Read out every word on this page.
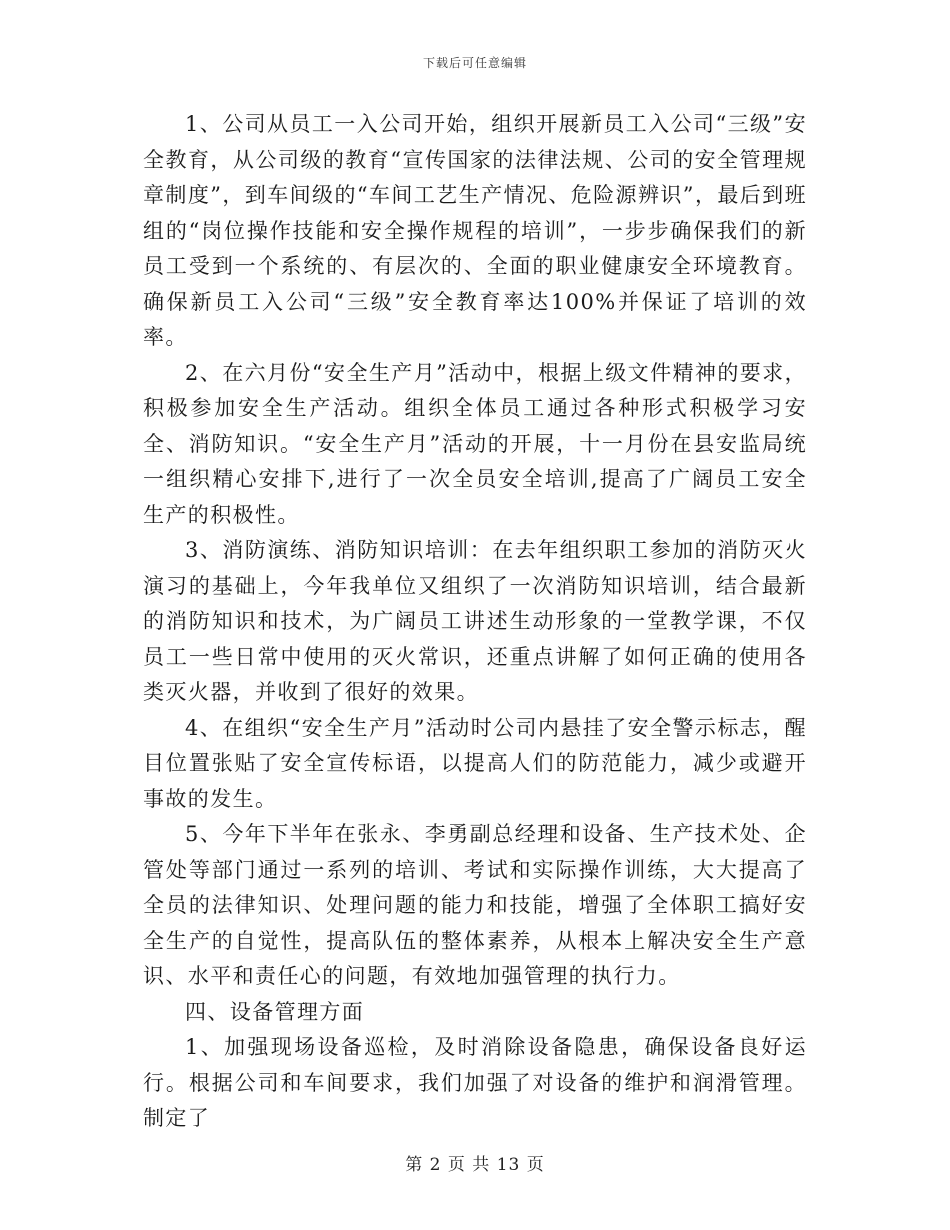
下载后可任意编辑

1、公司从员工一入公司开始，组织开展新员工入公司“三级”安全教育，从公司级的教育“宣传国家的法律法规、公司的安全管理规章制度”，到车间级的“车间工艺生产情况、危险源辨识”，最后到班组的“岗位操作技能和安全操作规程的培训”，一步步确保我们的新员工受到一个系统的、有层次的、全面的职业健康安全环境教育。确保新员工入公司“三级”安全教育率达100%并保证了培训的效率。

2、在六月份“安全生产月”活动中，根据上级文件精神的要求，积极参加安全生产活动。组织全体员工通过各种形式积极学习安全、消防知识。“安全生产月”活动的开展，十一月份在县安监局统一组织精心安排下,进行了一次全员安全培训,提高了广阔员工安全生产的积极性。

3、消防演练、消防知识培训：在去年组织职工参加的消防灭火演习的基础上，今年我单位又组织了一次消防知识培训，结合最新的消防知识和技术，为广阔员工讲述生动形象的一堂教学课，不仅员工一些日常中使用的灭火常识，还重点讲解了如何正确的使用各类灭火器，并收到了很好的效果。

4、在组织“安全生产月”活动时公司内悬挂了安全警示标志，醒目位置张贴了安全宣传标语，以提高人们的防范能力，减少或避开事故的发生。

5、今年下半年在张永、李勇副总经理和设备、生产技术处、企管处等部门通过一系列的培训、考试和实际操作训练，大大提高了全员的法律知识、处理问题的能力和技能，增强了全体职工搞好安全生产的自觉性，提高队伍的整体素养，从根本上解决安全生产意识、水平和责任心的问题，有效地加强管理的执行力。

四、设备管理方面

1、加强现场设备巡检，及时消除设备隐患，确保设备良好运行。根据公司和车间要求，我们加强了对设备的维护和润滑管理。制定了

第 2 页 共 13 页
